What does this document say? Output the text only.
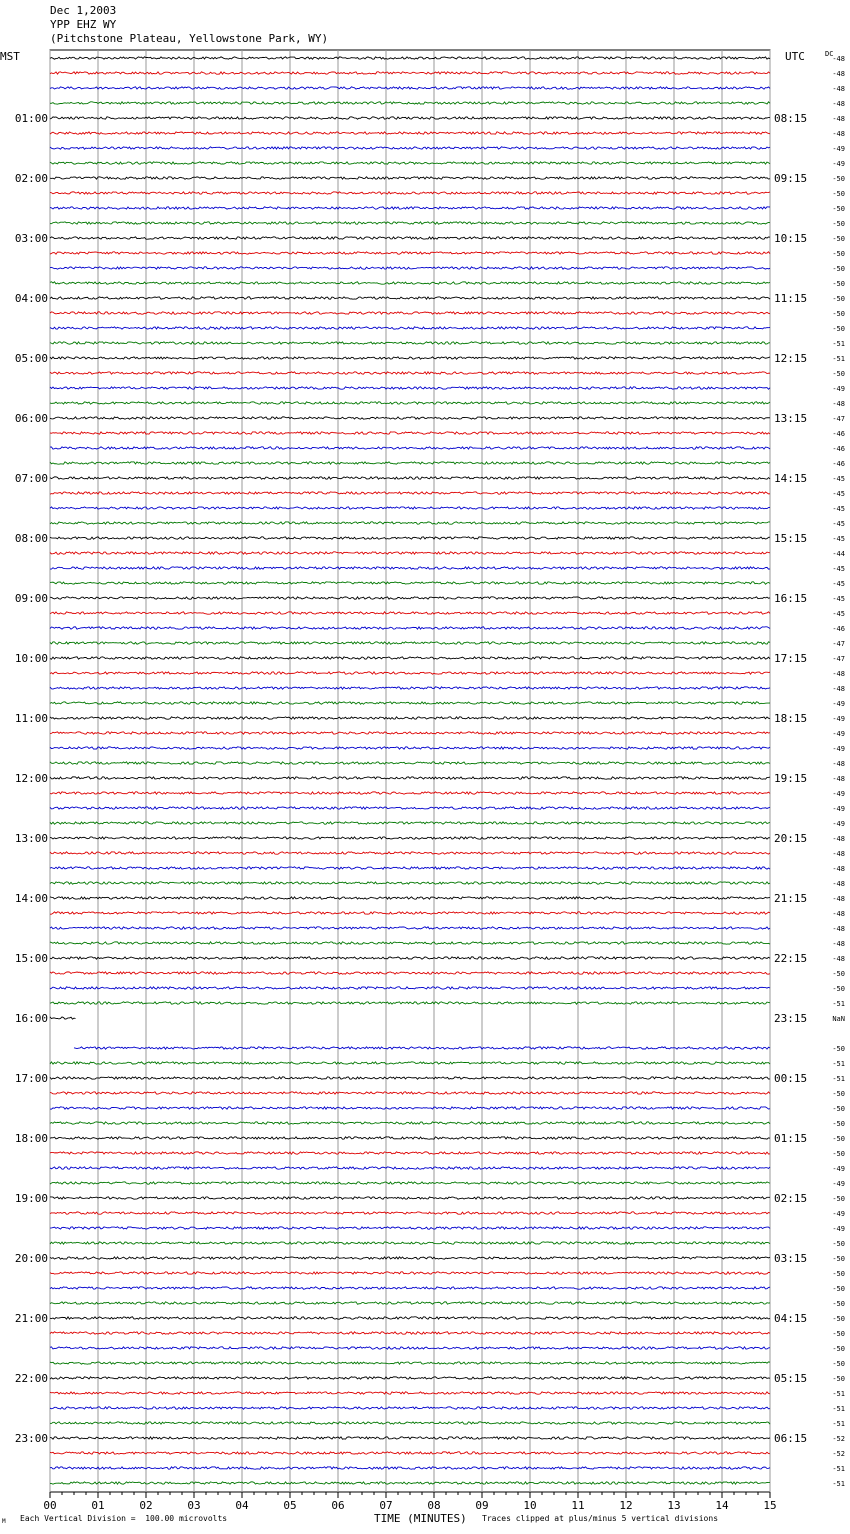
Dec 1,2003
YPP EHZ WY
(Pitchstone Plateau, Yellowstone Park, WY)
MST	UTC
00	01	02	03	04	05	06	07	08	09	10	11	12	13	14	15
-48
-48
-48
-48
-48
01:00	08:15
-48
-49
-49
-50
02:00	09:15
-50
-50
-50
-50
03:00	10:15
-50
-50
-50
-50
04:00	11:15
-50
-50
-51
-51
05:00	12:15
-50
-49
-48
-47
06:00	13:15
-46
-46
-46
-45
07:00	14:15
-45
-45
-45
-45
08:00	15:15
-44
-45
-45
-45
09:00	16:15
-45
-46
-47
-47
10:00	17:15
-48
-48
-49
-49
11:00	18:15
-49
-49
-48
-48
12:00	19:15
-49
-49
-49
-48
13:00	20:15
-48
-48
-48
-48
14:00	21:15
-48
-48
-48
-48
15:00	22:15
-50
-50
-51
NaN
16:00	23:15
-50
-51
-51
17:00	00:15
-50
-50
-50
-50
18:00	01:15
-50
-49
-49
-50
19:00	02:15
-49
-49
-50
-50
20:00	03:15
-50
-50
-50
-50
21:00	04:15
-50
-50
-50
-50
22:00	05:15
-51
-51
-51
-52
23:00	06:15
-52
-51
-51
DC
TIME (MINUTES)
Each Vertical Division =  100.00 microvolts	Traces clipped at plus/minus 5 vertical divisions
M
